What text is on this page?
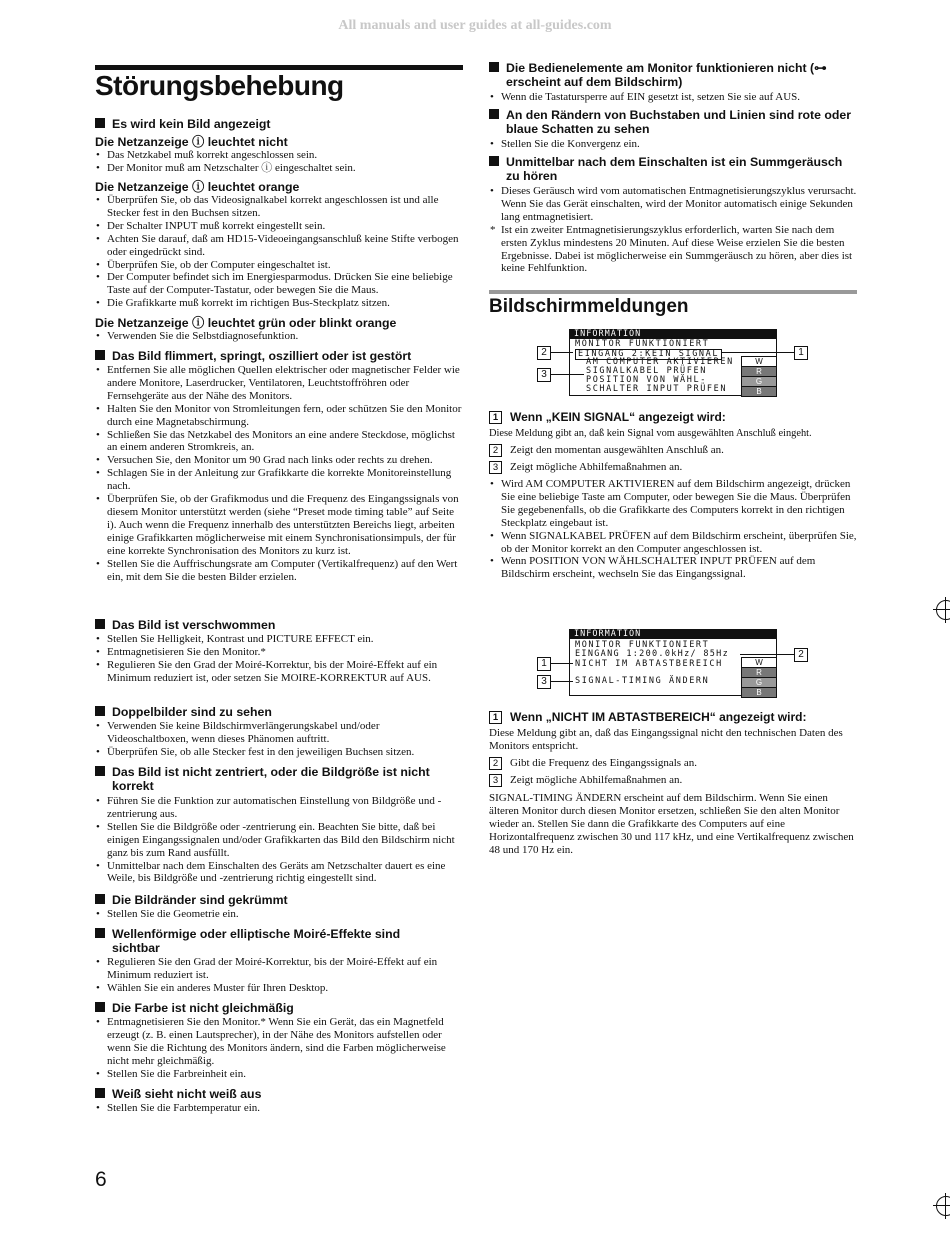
All manuals and user guides at all-guides.com
Störungsbehebung
Es wird kein Bild angezeigt
Die Netzanzeige ⓘ leuchtet nicht
• Das Netzkabel muß korrekt angeschlossen sein.
• Der Monitor muß am Netzschalter ⓘ eingeschaltet sein.
Die Netzanzeige ⓘ leuchtet orange
• Überprüfen Sie, ob das Videosignalkabel korrekt angeschlossen ist und alle Stecker fest in den Buchsen sitzen.
• Der Schalter INPUT muß korrekt eingestellt sein.
• Achten Sie darauf, daß am HD15-Videoeingangsanschluß keine Stifte verbogen oder eingedrückt sind.
• Überprüfen Sie, ob der Computer eingeschaltet ist.
• Der Computer befindet sich im Energiesparmodus. Drücken Sie eine beliebige Taste auf der Computer-Tastatur, oder bewegen Sie die Maus.
• Die Grafikkarte muß korrekt im richtigen Bus-Steckplatz sitzen.
Die Netzanzeige ⓘ leuchtet grün oder blinkt orange
• Verwenden Sie die Selbstdiagnosefunktion.
Das Bild flimmert, springt, oszilliert oder ist gestört
• Entfernen Sie alle möglichen Quellen elektrischer oder magnetischer Felder wie andere Monitore, Laserdrucker, Ventilatoren, Leuchtstoffröhren oder Fernsehgeräte aus der Nähe des Monitors.
• Halten Sie den Monitor von Stromleitungen fern, oder schützen Sie den Monitor durch eine Magnetabschirmung.
• Schließen Sie das Netzkabel des Monitors an eine andere Steckdose, möglichst an einem anderen Stromkreis, an.
• Versuchen Sie, den Monitor um 90 Grad nach links oder rechts zu drehen.
• Schlagen Sie in der Anleitung zur Grafikkarte die korrekte Monitoreinstellung nach.
• Überprüfen Sie, ob der Grafikmodus und die Frequenz des Eingangssignals von diesem Monitor unterstützt werden (siehe “Preset mode timing table” auf Seite i). Auch wenn die Frequenz innerhalb des unterstützten Bereichs liegt, arbeiten einige Grafikkarten möglicherweise mit einem Synchronisationsimpuls, der für eine korrekte Synchronisation des Monitors zu kurz ist.
• Stellen Sie die Auffrischungsrate am Computer (Vertikalfrequenz) auf den Wert ein, mit dem Sie die besten Bilder erzielen.
Das Bild ist verschwommen
• Stellen Sie Helligkeit, Kontrast und PICTURE EFFECT ein.
• Entmagnetisieren Sie den Monitor.*
• Regulieren Sie den Grad der Moiré-Korrektur, bis der Moiré-Effekt auf ein Minimum reduziert ist, oder setzen Sie MOIRE-KORREKTUR auf AUS.
Doppelbilder sind zu sehen
• Verwenden Sie keine Bildschirmverlängerungskabel und/oder Videoschaltboxen, wenn dieses Phänomen auftritt.
• Überprüfen Sie, ob alle Stecker fest in den jeweiligen Buchsen sitzen.
Das Bild ist nicht zentriert, oder die Bildgröße ist nicht korrekt
• Führen Sie die Funktion zur automatischen Einstellung von Bildgröße und -zentrierung aus.
• Stellen Sie die Bildgröße oder -zentrierung ein. Beachten Sie bitte, daß bei einigen Eingangssignalen und/oder Grafikkarten das Bild den Bildschirm nicht ganz bis zum Rand ausfüllt.
• Unmittelbar nach dem Einschalten des Geräts am Netzschalter dauert es eine Weile, bis Bildgröße und -zentrierung richtig eingestellt sind.
Die Bildränder sind gekrümmt
• Stellen Sie die Geometrie ein.
Wellenförmige oder elliptische Moiré-Effekte sind sichtbar
• Regulieren Sie den Grad der Moiré-Korrektur, bis der Moiré-Effekt auf ein Minimum reduziert ist.
• Wählen Sie ein anderes Muster für Ihren Desktop.
Die Farbe ist nicht gleichmäßig
• Entmagnetisieren Sie den Monitor.* Wenn Sie ein Gerät, das ein Magnetfeld erzeugt (z. B. einen Lautsprecher), in der Nähe des Monitors aufstellen oder wenn Sie die Richtung des Monitors ändern, sind die Farben möglicherweise nicht mehr gleichmäßig.
• Stellen Sie die Farbreinheit ein.
Weiß sieht nicht weiß aus
• Stellen Sie die Farbtemperatur ein.
6
Die Bedienelemente am Monitor funktionieren nicht (⊶ erscheint auf dem Bildschirm)
• Wenn die Tastatursperre auf EIN gesetzt ist, setzen Sie sie auf AUS.
An den Rändern von Buchstaben und Linien sind rote oder blaue Schatten zu sehen
• Stellen Sie die Konvergenz ein.
Unmittelbar nach dem Einschalten ist ein Summgeräusch zu hören
• Dieses Geräusch wird vom automatischen Entmagnetisierungszyklus verursacht. Wenn Sie das Gerät einschalten, wird der Monitor automatisch einige Sekunden lang entmagnetisiert.
* Ist ein zweiter Entmagnetisierungszyklus erforderlich, warten Sie nach dem ersten Zyklus mindestens 20 Minuten. Auf diese Weise erzielen Sie die besten Ergebnisse. Dabei ist möglicherweise ein Summgeräusch zu hören, aber dies ist keine Fehlfunktion.
Bildschirmmeldungen
INFORMATION
MONITOR FUNKTIONIERT
EINGANG 2:KEIN SIGNAL
AM COMPUTER AKTIVIEREN
SIGNALKABEL PRÜFEN
POSITION VON WÄHL-
SCHALTER INPUT PRÜFEN
W
R
G
B
2
3
1
1 Wenn „KEIN SIGNAL“ angezeigt wird:
Diese Meldung gibt an, daß kein Signal vom ausgewählten Anschluß eingeht.
2	Zeigt den momentan ausgewählten Anschluß an.
3	Zeigt mögliche Abhilfemaßnahmen an.
• Wird AM COMPUTER AKTIVIEREN auf dem Bildschirm angezeigt, drücken Sie eine beliebige Taste am Computer, oder bewegen Sie die Maus. Überprüfen Sie gegebenenfalls, ob die Grafikkarte des Computers korrekt in den richtigen Steckplatz eingebaut ist.
• Wenn SIGNALKABEL PRÜFEN auf dem Bildschirm erscheint, überprüfen Sie, ob der Monitor korrekt an den Computer angeschlossen ist.
• Wenn POSITION VON WÄHLSCHALTER INPUT PRÜFEN auf dem Bildschirm erscheint, wechseln Sie das Eingangssignal.
INFORMATION
MONITOR FUNKTIONIERT
EINGANG 1:200.0kHz/ 85Hz
NICHT IM ABTASTBEREICH
SIGNAL-TIMING ÄNDERN
W
R
G
B
1
3
2
1 Wenn „NICHT IM ABTASTBEREICH“ angezeigt wird:
Diese Meldung gibt an, daß das Eingangssignal nicht den technischen Daten des Monitors entspricht.
2	Gibt die Frequenz des Eingangssignals an.
3	Zeigt mögliche Abhilfemaßnahmen an.
SIGNAL-TIMING ÄNDERN erscheint auf dem Bildschirm. Wenn Sie einen älteren Monitor durch diesen Monitor ersetzen, schließen Sie den alten Monitor wieder an. Stellen Sie dann die Grafikkarte des Computers auf eine Horizontalfrequenz zwischen 30 und 117 kHz, und eine Vertikalfrequenz zwischen 48 und 170 Hz ein.
